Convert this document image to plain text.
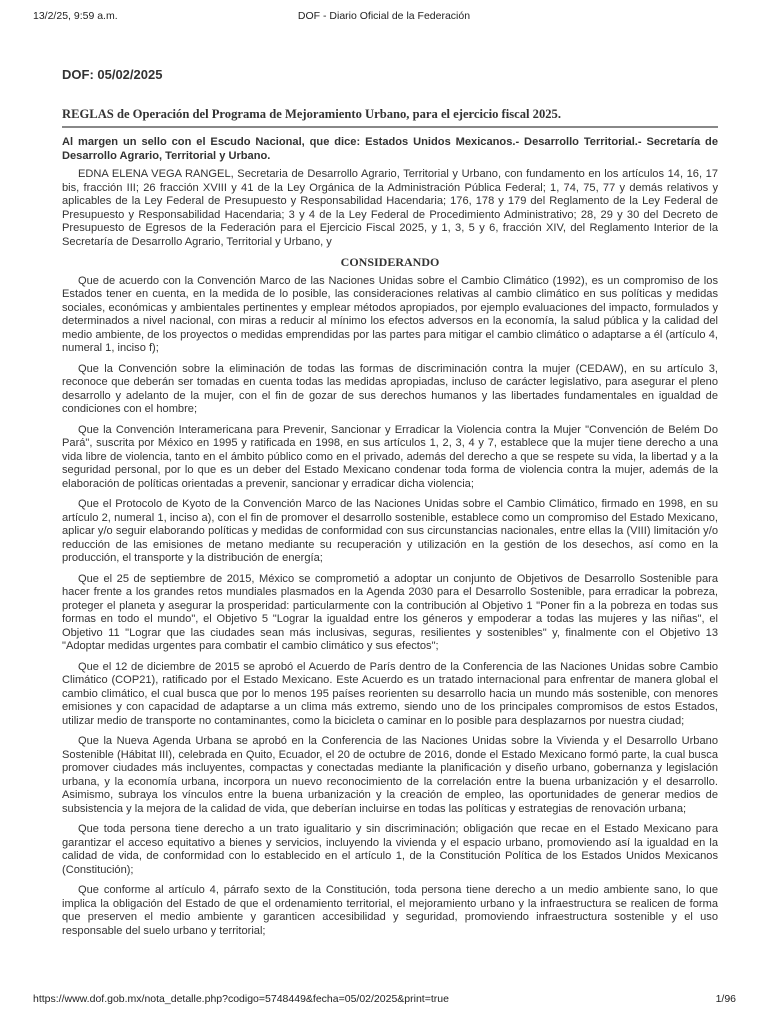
13/2/25, 9:59 a.m.	DOF - Diario Oficial de la Federación
DOF: 05/02/2025
REGLAS de Operación del Programa de Mejoramiento Urbano, para el ejercicio fiscal 2025.

Al margen un sello con el Escudo Nacional, que dice: Estados Unidos Mexicanos.- Desarrollo Territorial.- Secretaría de Desarrollo Agrario, Territorial y Urbano.

EDNA ELENA VEGA RANGEL, Secretaria de Desarrollo Agrario, Territorial y Urbano, con fundamento en los artículos 14, 16, 17 bis, fracción III; 26 fracción XVIII y 41 de la Ley Orgánica de la Administración Pública Federal; 1, 74, 75, 77 y demás relativos y aplicables de la Ley Federal de Presupuesto y Responsabilidad Hacendaria; 176, 178 y 179 del Reglamento de la Ley Federal de Presupuesto y Responsabilidad Hacendaria; 3 y 4 de la Ley Federal de Procedimiento Administrativo; 28, 29 y 30 del Decreto de Presupuesto de Egresos de la Federación para el Ejercicio Fiscal 2025, y 1, 3, 5 y 6, fracción XIV, del Reglamento Interior de la Secretaría de Desarrollo Agrario, Territorial y Urbano, y

CONSIDERANDO

Que de acuerdo con la Convención Marco de las Naciones Unidas sobre el Cambio Climático (1992), es un compromiso de los Estados tener en cuenta, en la medida de lo posible, las consideraciones relativas al cambio climático en sus políticas y medidas sociales, económicas y ambientales pertinentes y emplear métodos apropiados, por ejemplo evaluaciones del impacto, formulados y determinados a nivel nacional, con miras a reducir al mínimo los efectos adversos en la economía, la salud pública y la calidad del medio ambiente, de los proyectos o medidas emprendidas por las partes para mitigar el cambio climático o adaptarse a él (artículo 4, numeral 1, inciso f);

Que la Convención sobre la eliminación de todas las formas de discriminación contra la mujer (CEDAW), en su artículo 3, reconoce que deberán ser tomadas en cuenta todas las medidas apropiadas, incluso de carácter legislativo, para asegurar el pleno desarrollo y adelanto de la mujer, con el fin de gozar de sus derechos humanos y las libertades fundamentales en igualdad de condiciones con el hombre;

Que la Convención Interamericana para Prevenir, Sancionar y Erradicar la Violencia contra la Mujer "Convención de Belém Do Pará", suscrita por México en 1995 y ratificada en 1998, en sus artículos 1, 2, 3, 4 y 7, establece que la mujer tiene derecho a una vida libre de violencia, tanto en el ámbito público como en el privado, además del derecho a que se respete su vida, la libertad y a la seguridad personal, por lo que es un deber del Estado Mexicano condenar toda forma de violencia contra la mujer, además de la elaboración de políticas orientadas a prevenir, sancionar y erradicar dicha violencia;

Que el Protocolo de Kyoto de la Convención Marco de las Naciones Unidas sobre el Cambio Climático, firmado en 1998, en su artículo 2, numeral 1, inciso a), con el fin de promover el desarrollo sostenible, establece como un compromiso del Estado Mexicano, aplicar y/o seguir elaborando políticas y medidas de conformidad con sus circunstancias nacionales, entre ellas la (VIII) limitación y/o reducción de las emisiones de metano mediante su recuperación y utilización en la gestión de los desechos, así como en la producción, el transporte y la distribución de energía;

Que el 25 de septiembre de 2015, México se comprometió a adoptar un conjunto de Objetivos de Desarrollo Sostenible para hacer frente a los grandes retos mundiales plasmados en la Agenda 2030 para el Desarrollo Sostenible, para erradicar la pobreza, proteger el planeta y asegurar la prosperidad: particularmente con la contribución al Objetivo 1 "Poner fin a la pobreza en todas sus formas en todo el mundo", el Objetivo 5 "Lograr la igualdad entre los géneros y empoderar a todas las mujeres y las niñas", el Objetivo 11 "Lograr que las ciudades sean más inclusivas, seguras, resilientes y sostenibles" y, finalmente con el Objetivo 13 "Adoptar medidas urgentes para combatir el cambio climático y sus efectos";

Que el 12 de diciembre de 2015 se aprobó el Acuerdo de París dentro de la Conferencia de las Naciones Unidas sobre Cambio Climático (COP21), ratificado por el Estado Mexicano. Este Acuerdo es un tratado internacional para enfrentar de manera global el cambio climático, el cual busca que por lo menos 195 países reorienten su desarrollo hacia un mundo más sostenible, con menores emisiones y con capacidad de adaptarse a un clima más extremo, siendo uno de los principales compromisos de estos Estados, utilizar medio de transporte no contaminantes, como la bicicleta o caminar en lo posible para desplazarnos por nuestra ciudad;

Que la Nueva Agenda Urbana se aprobó en la Conferencia de las Naciones Unidas sobre la Vivienda y el Desarrollo Urbano Sostenible (Hábitat III), celebrada en Quito, Ecuador, el 20 de octubre de 2016, donde el Estado Mexicano formó parte, la cual busca promover ciudades más incluyentes, compactas y conectadas mediante la planificación y diseño urbano, gobernanza y legislación urbana, y la economía urbana, incorpora un nuevo reconocimiento de la correlación entre la buena urbanización y el desarrollo. Asimismo, subraya los vínculos entre la buena urbanización y la creación de empleo, las oportunidades de generar medios de subsistencia y la mejora de la calidad de vida, que deberían incluirse en todas las políticas y estrategias de renovación urbana;

Que toda persona tiene derecho a un trato igualitario y sin discriminación; obligación que recae en el Estado Mexicano para garantizar el acceso equitativo a bienes y servicios, incluyendo la vivienda y el espacio urbano, promoviendo así la igualdad en la calidad de vida, de conformidad con lo establecido en el artículo 1, de la Constitución Política de los Estados Unidos Mexicanos (Constitución);

Que conforme al artículo 4, párrafo sexto de la Constitución, toda persona tiene derecho a un medio ambiente sano, lo que implica la obligación del Estado de que el ordenamiento territorial, el mejoramiento urbano y la infraestructura se realicen de forma que preserven el medio ambiente y garanticen accesibilidad y seguridad, promoviendo infraestructura sostenible y el uso responsable del suelo urbano y territorial;

https://www.dof.gob.mx/nota_detalle.php?codigo=5748449&fecha=05/02/2025&print=true	1/96
